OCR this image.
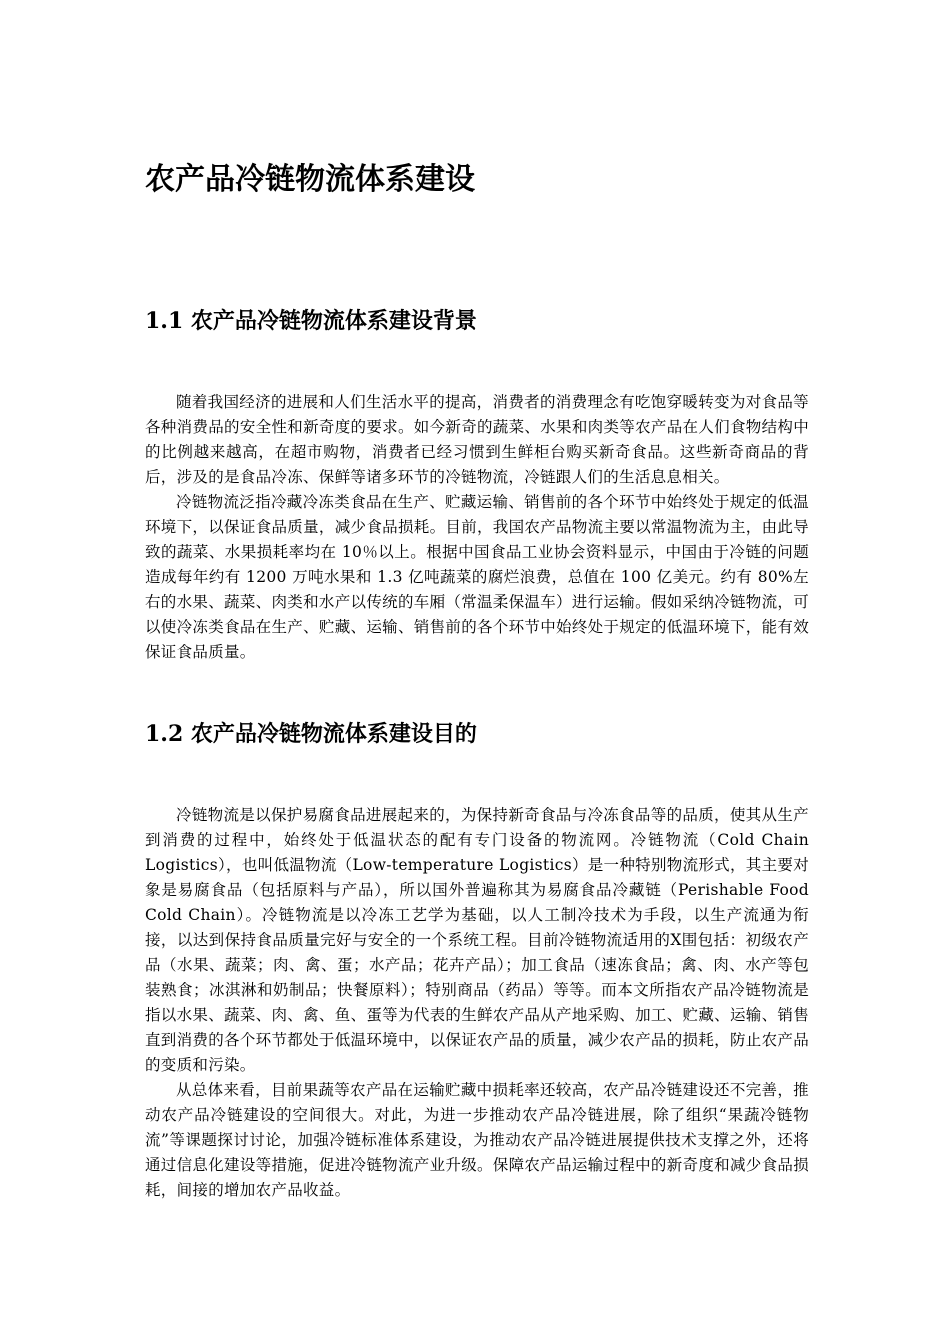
农产品冷链物流体系建设
1.1 农产品冷链物流体系建设背景

随着我国经济的进展和人们生活水平的提高，消费者的消费理念有吃饱穿暖转变为对食品等各种消费品的安全性和新奇度的要求。如今新奇的蔬菜、水果和肉类等农产品在人们食物结构中的比例越来越高，在超市购物，消费者已经习惯到生鲜柜台购买新奇食品。这些新奇商品的背后，涉及的是食品冷冻、保鲜等诸多环节的冷链物流，冷链跟人们的生活息息相关。

冷链物流泛指冷藏冷冻类食品在生产、贮藏运输、销售前的各个环节中始终处于规定的低温环境下，以保证食品质量，减少食品损耗。目前，我国农产品物流主要以常温物流为主，由此导致的蔬菜、水果损耗率均在 10％以上。根据中国食品工业协会资料显示，中国由于冷链的问题造成每年约有 1200 万吨水果和 1.3 亿吨蔬菜的腐烂浪费，总值在 100 亿美元。约有 80%左右的水果、蔬菜、肉类和水产以传统的车厢（常温柔保温车）进行运输。假如采纳冷链物流，可以使冷冻类食品在生产、贮藏、运输、销售前的各个环节中始终处于规定的低温环境下，能有效保证食品质量。

1.2 农产品冷链物流体系建设目的

冷链物流是以保护易腐食品进展起来的，为保持新奇食品与冷冻食品等的品质，使其从生产到消费的过程中，始终处于低温状态的配有专门设备的物流网。冷链物流（Cold Chain Logistics），也叫低温物流（Low-temperature Logistics）是一种特别物流形式，其主要对象是易腐食品（包括原料与产品），所以国外普遍称其为易腐食品冷藏链（Perishable Food Cold Chain）。冷链物流是以冷冻工艺学为基础，以人工制冷技术为手段，以生产流通为衔接，以达到保持食品质量完好与安全的一个系统工程。目前冷链物流适用的X围包括：初级农产品（水果、蔬菜；肉、禽、蛋；水产品；花卉产品）；加工食品（速冻食品；禽、肉、水产等包装熟食；冰淇淋和奶制品；快餐原料）；特别商品（药品）等等。而本文所指农产品冷链物流是指以水果、蔬菜、肉、禽、鱼、蛋等为代表的生鲜农产品从产地采购、加工、贮藏、运输、销售直到消费的各个环节都处于低温环境中，以保证农产品的质量，减少农产品的损耗，防止农产品的变质和污染。

从总体来看，目前果蔬等农产品在运输贮藏中损耗率还较高，农产品冷链建设还不完善，推动农产品冷链建设的空间很大。对此，为进一步推动农产品冷链进展，除了组织“果蔬冷链物流”等课题探讨讨论，加强冷链标准体系建设，为推动农产品冷链进展提供技术支撑之外，还将通过信息化建设等措施，促进冷链物流产业升级。保障农产品运输过程中的新奇度和减少食品损耗，间接的增加农产品收益。
